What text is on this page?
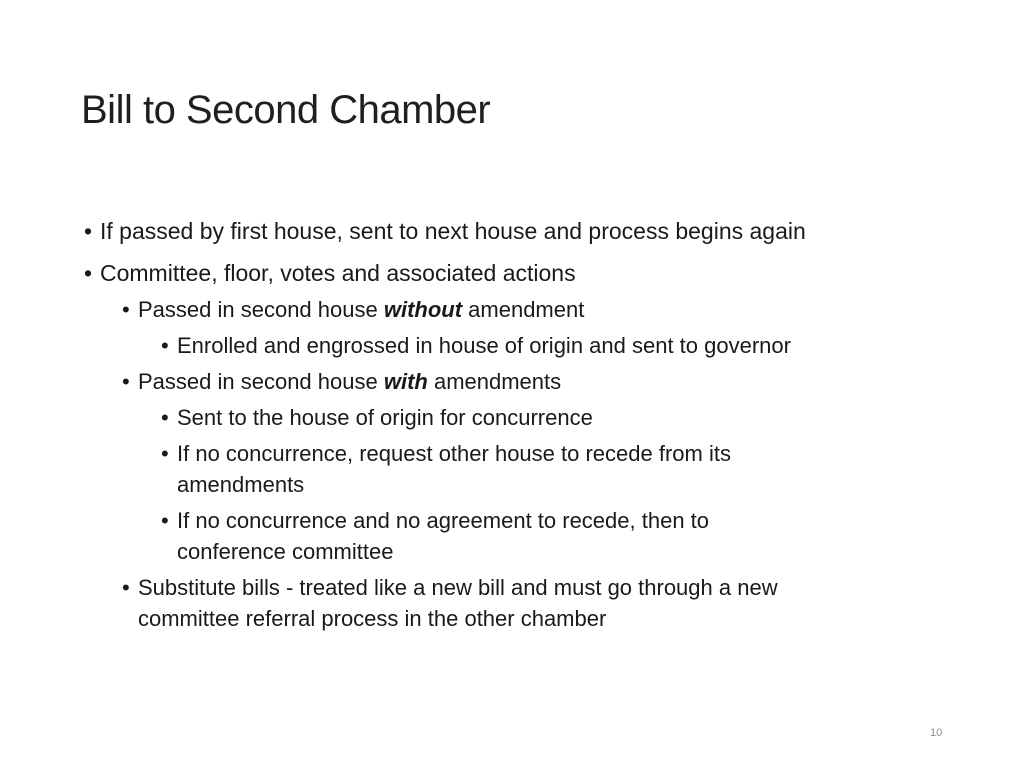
Bill to Second Chamber
• If passed by first house, sent to next house and process begins again
• Committee, floor, votes and associated actions
• Passed in second house without amendment
• Enrolled and engrossed in house of origin and sent to governor
• Passed in second house with amendments
• Sent to the house of origin for concurrence
• If no concurrence, request other house to recede from its
amendments
• If no concurrence and no agreement to recede, then to
conference committee
• Substitute bills - treated like a new bill and must go through a new
committee referral process in the other chamber
10
